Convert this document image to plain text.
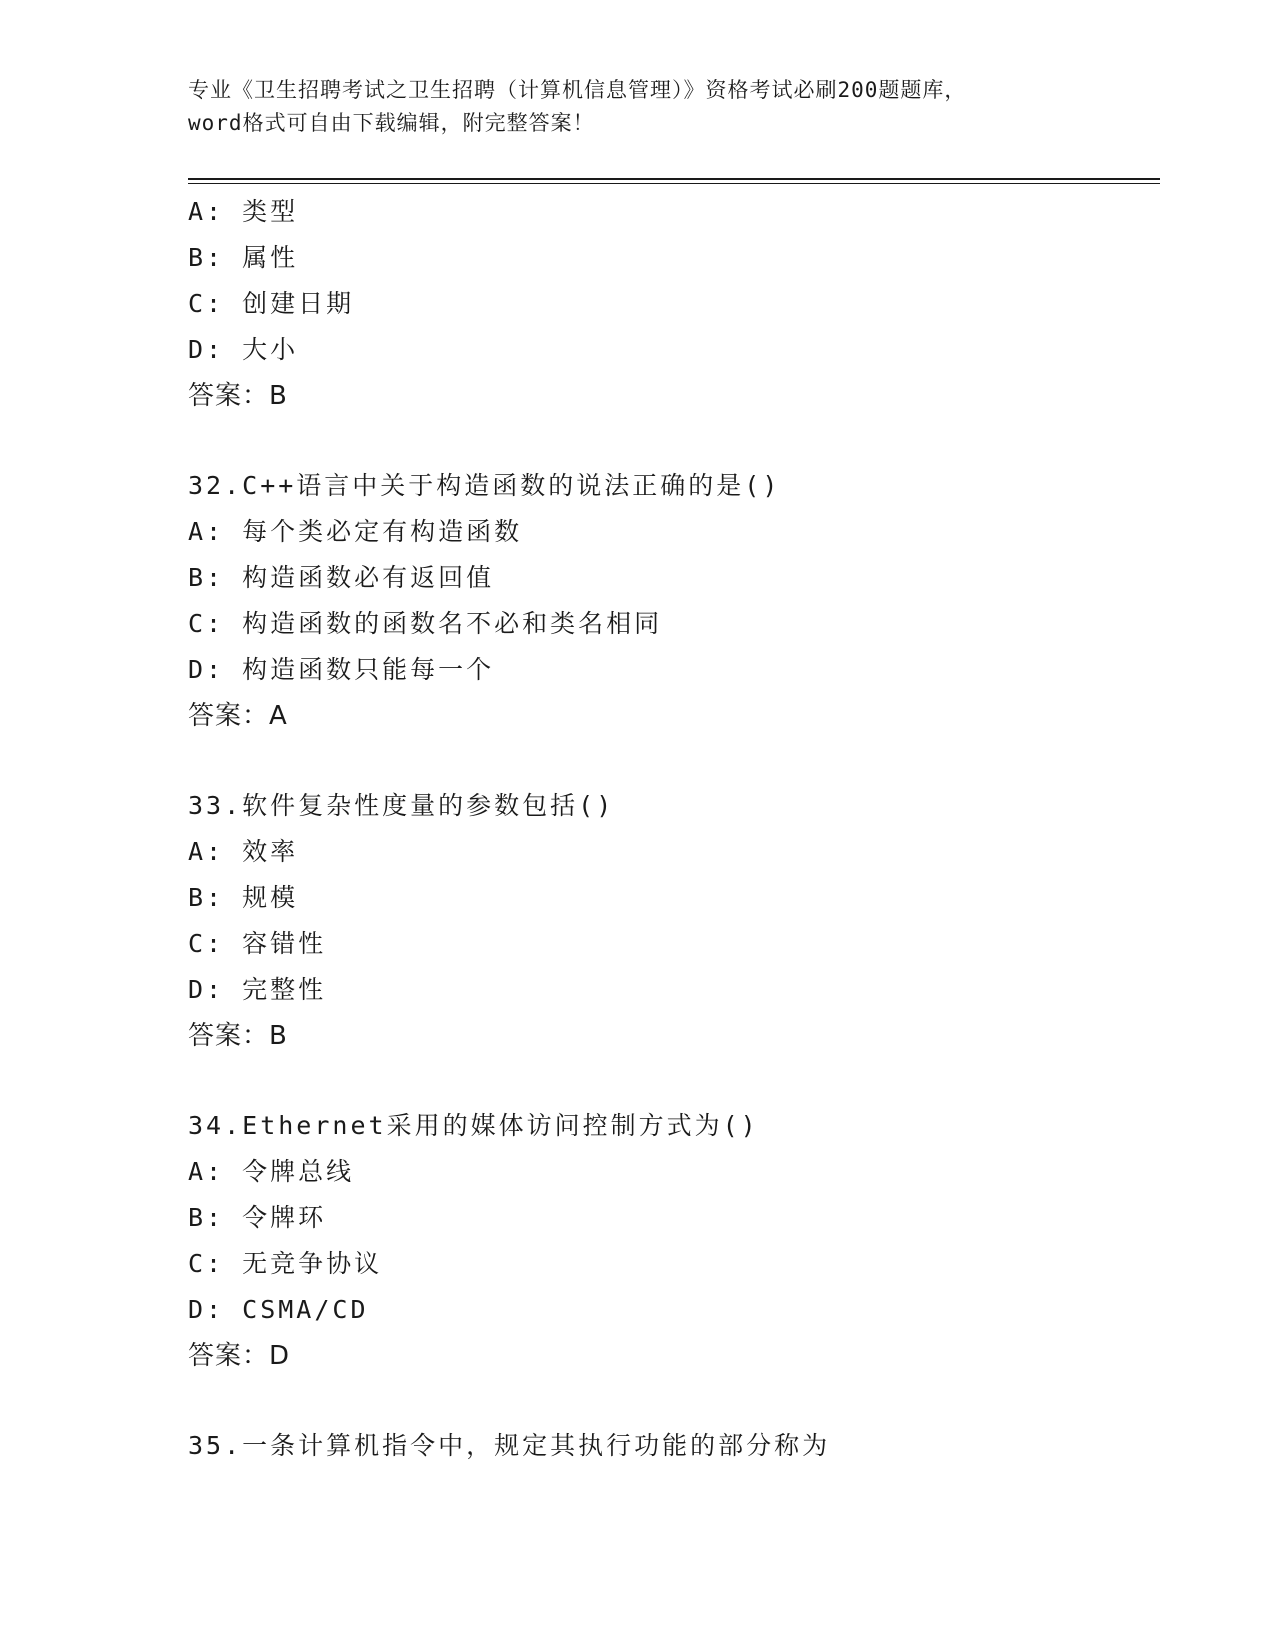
专业《卫生招聘考试之卫生招聘（计算机信息管理）》资格考试必刷200题题库，
word格式可自由下载编辑，附完整答案！
A: 类型
B: 属性
C: 创建日期
D: 大小
答案：B
32.C++语言中关于构造函数的说法正确的是()
A: 每个类必定有构造函数
B: 构造函数必有返回值
C: 构造函数的函数名不必和类名相同
D: 构造函数只能每一个
答案：A
33.软件复杂性度量的参数包括()
A: 效率
B: 规模
C: 容错性
D: 完整性
答案：B
34.Ethernet采用的媒体访问控制方式为()
A: 令牌总线
B: 令牌环
C: 无竞争协议
D: CSMA/CD
答案：D
35.一条计算机指令中，规定其执行功能的部分称为
